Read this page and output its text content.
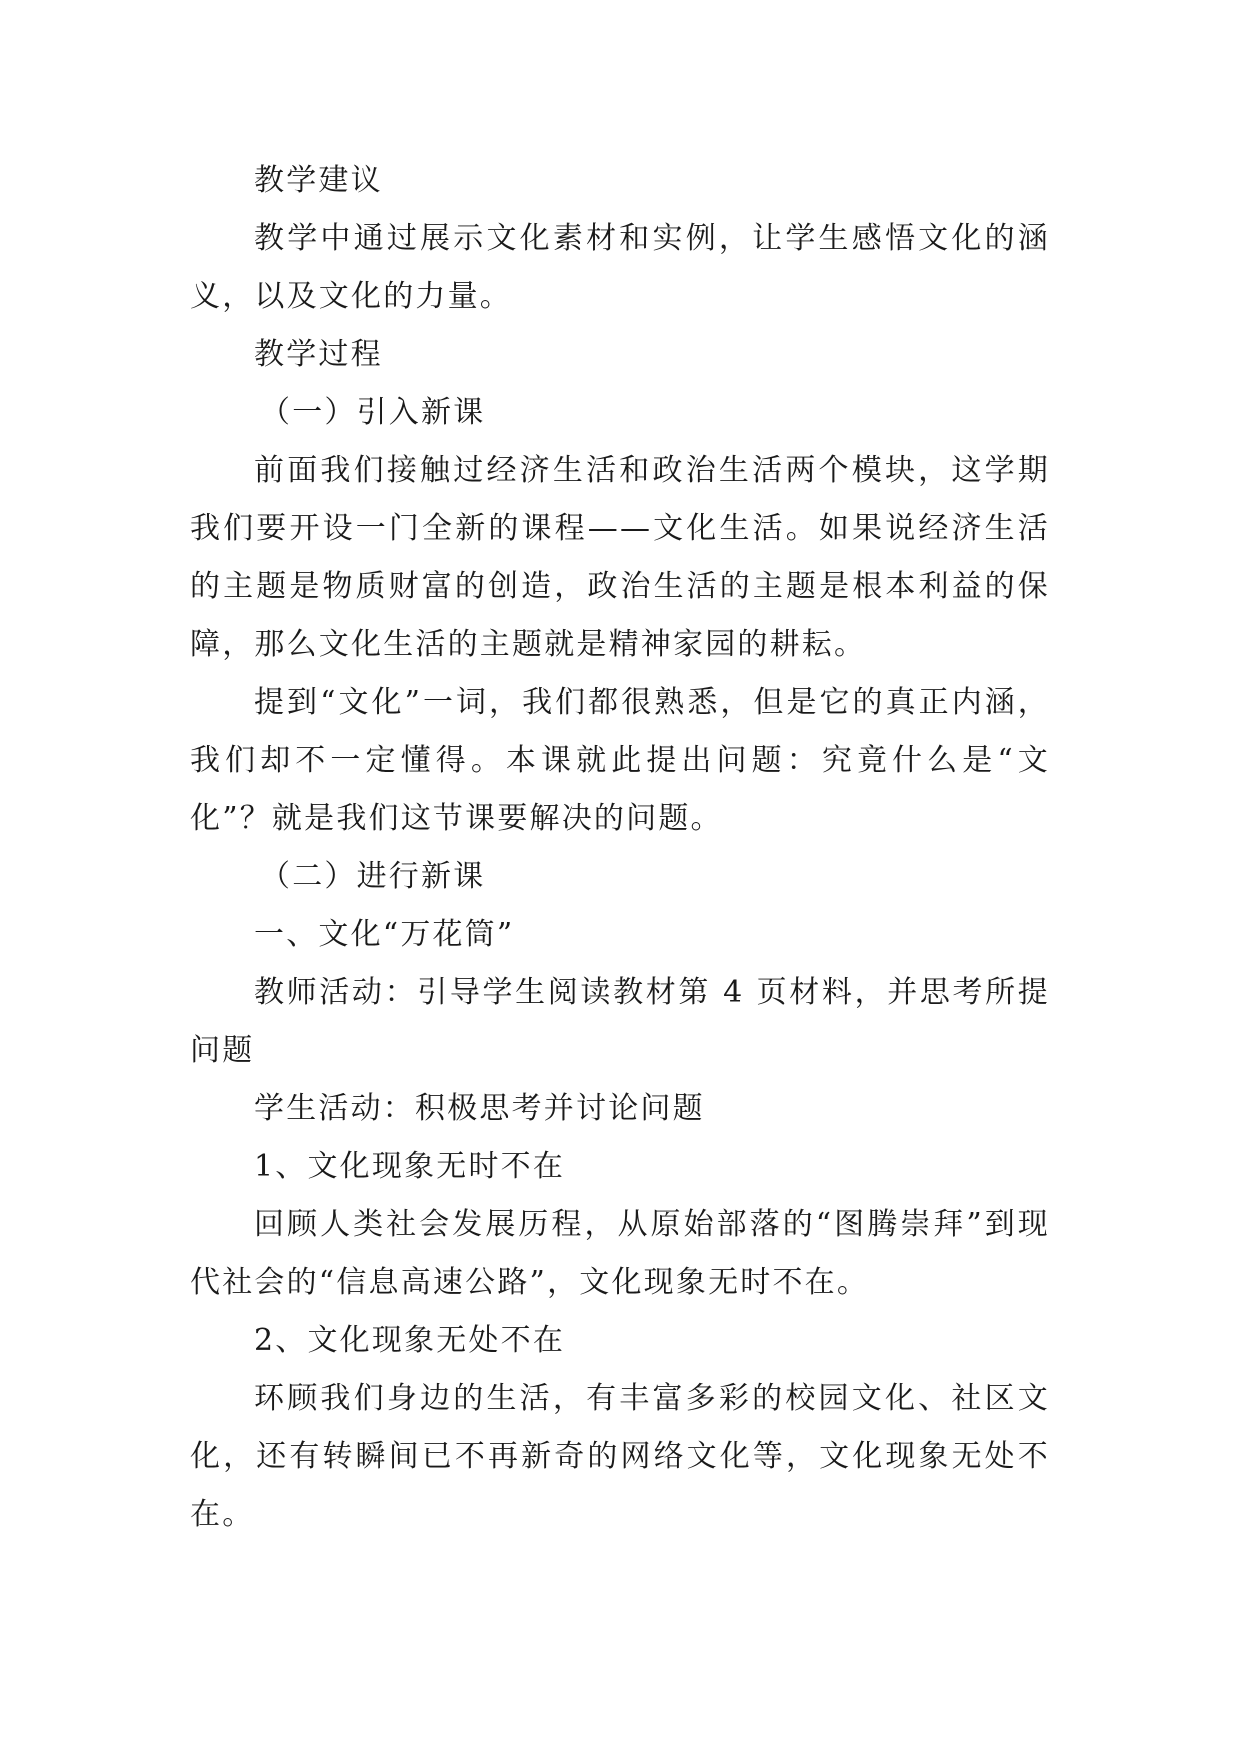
教学建议

教学中通过展示文化素材和实例，让学生感悟文化的涵义，以及文化的力量。

教学过程

（一）引入新课

前面我们接触过经济生活和政治生活两个模块，这学期我们要开设一门全新的课程——文化生活。如果说经济生活的主题是物质财富的创造，政治生活的主题是根本利益的保障，那么文化生活的主题就是精神家园的耕耘。

提到“文化”一词，我们都很熟悉，但是它的真正内涵，我们却不一定懂得。本课就此提出问题：究竟什么是“文化”？就是我们这节课要解决的问题。

（二）进行新课

一、文化“万花筒”

教师活动：引导学生阅读教材第 4 页材料，并思考所提问题

学生活动：积极思考并讨论问题

1、文化现象无时不在

回顾人类社会发展历程，从原始部落的“图腾崇拜”到现代社会的“信息高速公路”，文化现象无时不在。

2、文化现象无处不在

环顾我们身边的生活，有丰富多彩的校园文化、社区文化，还有转瞬间已不再新奇的网络文化等，文化现象无处不在。
